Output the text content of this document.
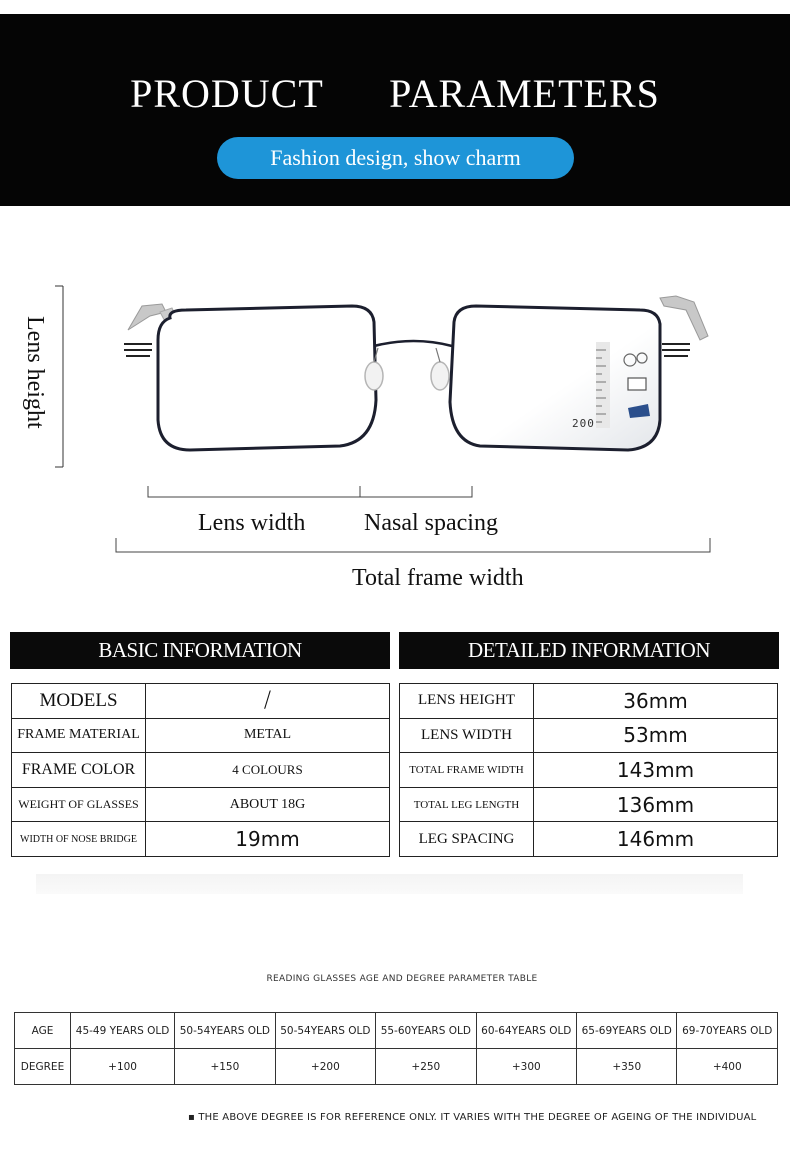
PRODUCT  PARAMETERS
Fashion design, show charm
200
Lens height
Lens width Nasal spacing
Total frame width
BASIC INFORMATION	DETAILED INFORMATION
MODELS	/
FRAME MATERIAL	METAL
FRAME COLOR	4 COLOURS
WEIGHT OF GLASSES	ABOUT 18G
WIDTH OF NOSE BRIDGE	19mm
LENS HEIGHT	36mm
LENS WIDTH	53mm
TOTAL FRAME WIDTH	143mm
TOTAL LEG LENGTH	136mm
LEG SPACING	146mm
READING GLASSES AGE AND DEGREE PARAMETER TABLE
AGE	45-49 YEARS OLD	50-54YEARS OLD	50-54YEARS OLD	55-60YEARS OLD	60-64YEARS OLD	65-69YEARS OLD	69-70YEARS OLD
DEGREE	+100	+150	+200	+250	+300	+350	+400
▪ THE ABOVE DEGREE IS FOR REFERENCE ONLY. IT VARIES WITH THE DEGREE OF AGEING OF THE INDIVIDUAL
